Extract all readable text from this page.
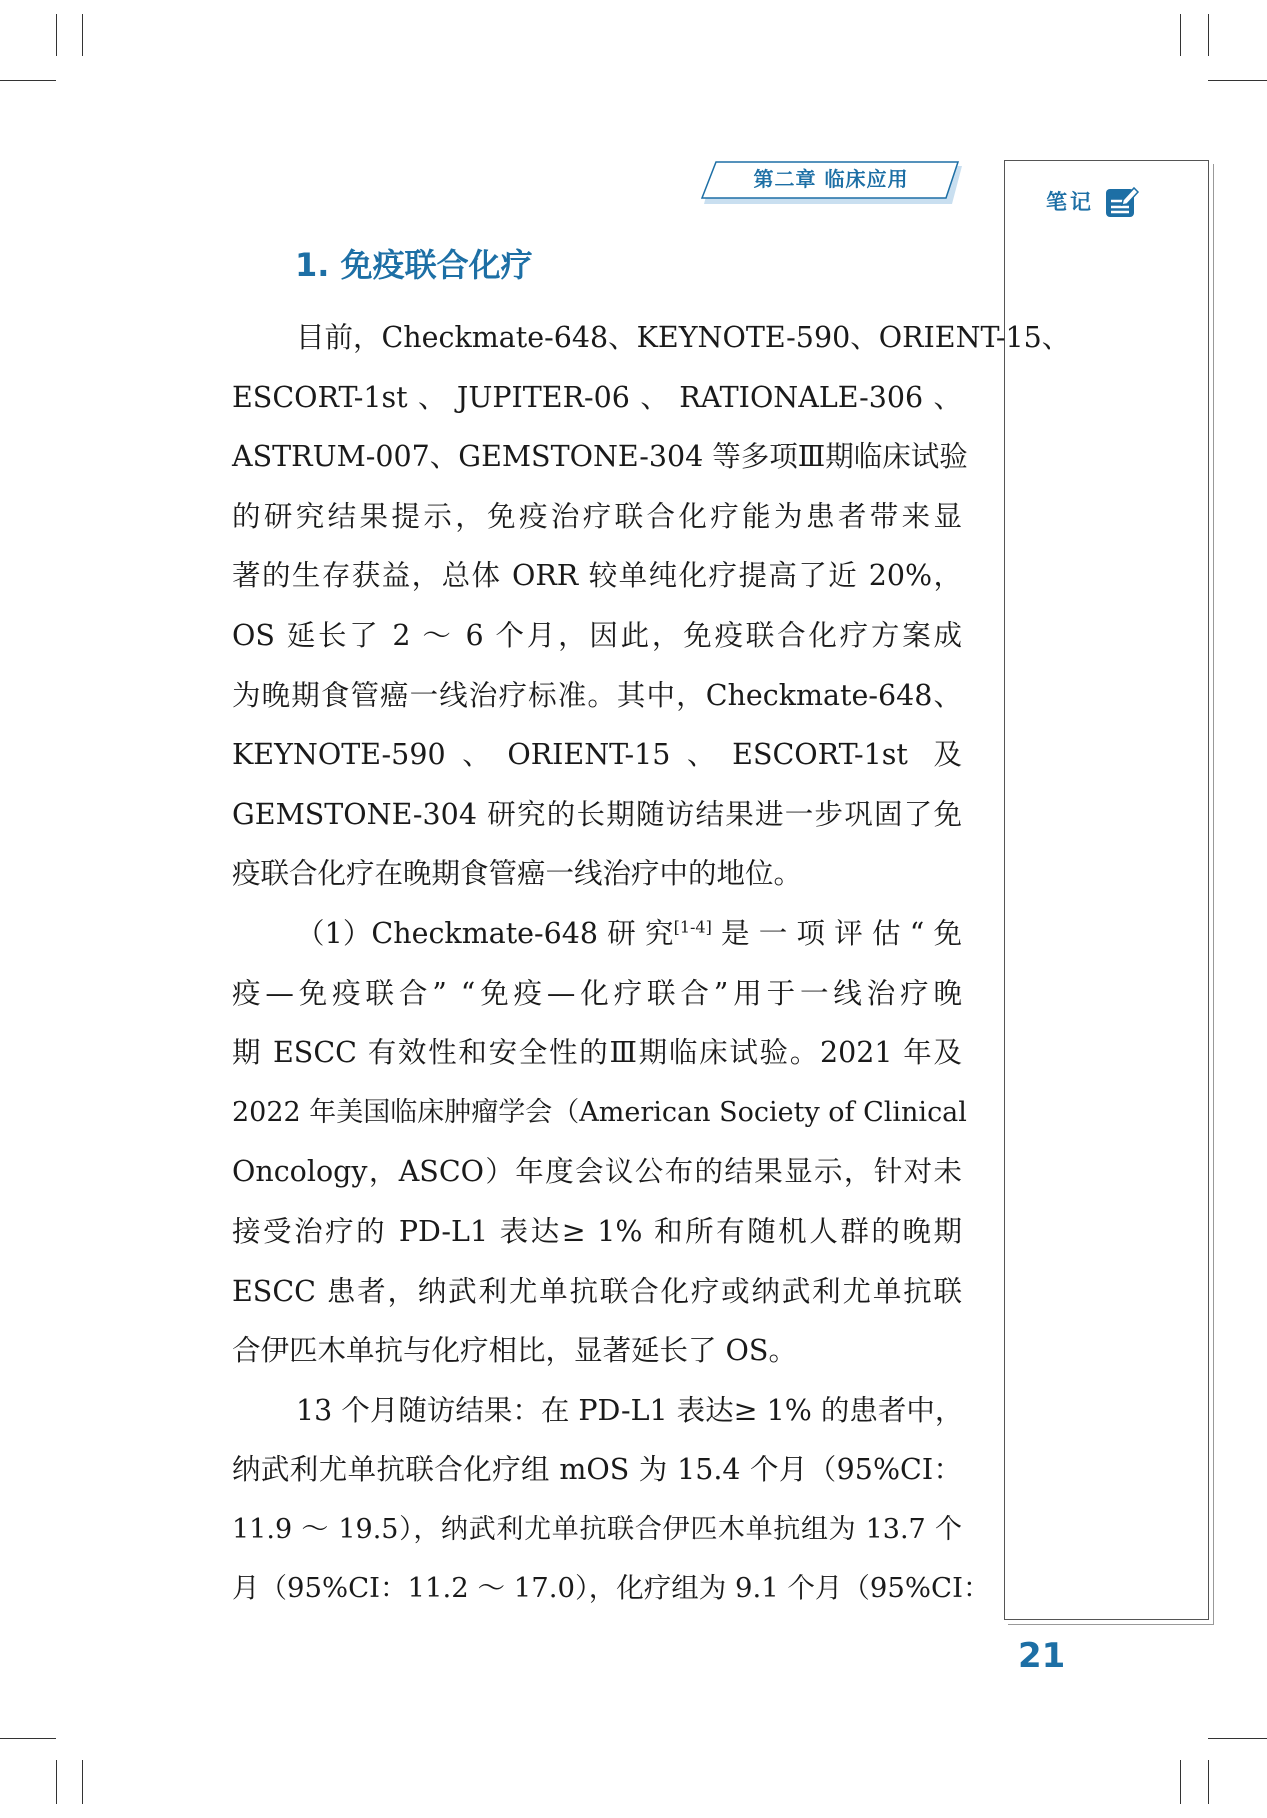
第二章 临床应用
笔记
1. 免疫联合化疗
目前，Checkmate-648、KEYNOTE-590、ORIENT-15、
ESCORT-1st、JUPITER-06、RATIONALE-306、
ASTRUM-007、GEMSTONE-304 等多项Ⅲ期临床试验
的研究结果提示，免疫治疗联合化疗能为患者带来显
著的生存获益，总体 ORR 较单纯化疗提高了近 20%，
OS 延长了 2 ～ 6 个月，因此，免疫联合化疗方案成
为晚期食管癌一线治疗标准。其中，Checkmate-648、
KEYNOTE-590、ORIENT-15、ESCORT-1st 及
GEMSTONE-304 研究的长期随访结果进一步巩固了免
疫联合化疗在晚期食管癌一线治疗中的地位。
（1）Checkmate-648 研 究[1-4] 是 一 项 评 估 “ 免
疫—免疫联合” “免疫—化疗联合”用于一线治疗晚
期 ESCC 有效性和安全性的Ⅲ期临床试验。2021 年及
2022 年美国临床肿瘤学会（American Society of Clinical
Oncology，ASCO）年度会议公布的结果显示，针对未
接受治疗的 PD-L1 表达≥ 1% 和所有随机人群的晚期
ESCC 患者，纳武利尤单抗联合化疗或纳武利尤单抗联
合伊匹木单抗与化疗相比，显著延长了 OS。
13 个月随访结果：在 PD-L1 表达≥ 1% 的患者中，
纳武利尤单抗联合化疗组 mOS 为 15.4 个月（95%CI：
11.9 ～ 19.5），纳武利尤单抗联合伊匹木单抗组为 13.7 个
月（95%CI：11.2 ～ 17.0），化疗组为 9.1 个月（95%CI：
21
